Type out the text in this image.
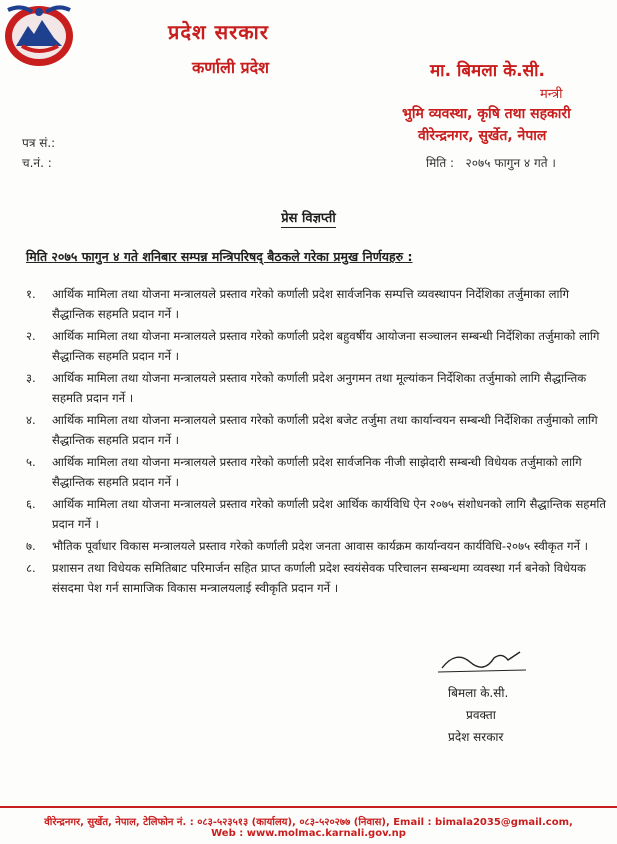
प्रदेश सरकार
कर्णाली प्रदेश	मा. बिमला के.सी.
मन्त्री
भुमि व्यवस्था, कृषि तथा सहकारी
वीरेन्द्रनगर, सुर्खेत, नेपाल
पत्र सं.:
च.नं. :	मिति : २०७५ फागुन ४ गते ।
प्रेस विज्ञप्ती
मिति २०७५ फागुन ४ गते शनिबार सम्पन्न मन्त्रिपरिषद् बैठकले गरेका प्रमुख निर्णयहरु :
१.	आर्थिक मामिला तथा योजना मन्त्रालयले प्रस्ताव गरेको कर्णाली प्रदेश सार्वजनिक सम्पत्ति व्यवस्थापन निर्देशिका तर्जुमाका लागि सैद्धान्तिक सहमति प्रदान गर्ने ।
२.	आर्थिक मामिला तथा योजना मन्त्रालयले प्रस्ताव गरेको कर्णाली प्रदेश बहुवर्षीय आयोजना सञ्चालन सम्बन्धी निर्देशिका तर्जुमाको लागि सैद्धान्तिक सहमति प्रदान गर्ने ।
३.	आर्थिक मामिला तथा योजना मन्त्रालयले प्रस्ताव गरेको कर्णाली प्रदेश अनुगमन तथा मूल्यांकन निर्देशिका तर्जुमाको लागि सैद्धान्तिक सहमति प्रदान गर्ने ।
४.	आर्थिक मामिला तथा योजना मन्त्रालयले प्रस्ताव गरेको कर्णाली प्रदेश बजेट तर्जुमा तथा कार्यान्वयन सम्बन्धी निर्देशिका तर्जुमाको लागि सैद्धान्तिक सहमति प्रदान गर्ने ।
५.	आर्थिक मामिला तथा योजना मन्त्रालयले प्रस्ताव गरेको कर्णाली प्रदेश सार्वजनिक नीजी साझेदारी सम्बन्धी विधेयक तर्जुमाको लागि सैद्धान्तिक सहमति प्रदान गर्ने ।
६.	आर्थिक मामिला तथा योजना मन्त्रालयले प्रस्ताव गरेको कर्णाली प्रदेश आर्थिक कार्यविधि ऐन २०७५ संशोधनको लागि सैद्धान्तिक सहमति प्रदान गर्ने ।
७.	भौतिक पूर्वाधार विकास मन्त्रालयले प्रस्ताव गरेको कर्णाली प्रदेश जनता आवास कार्यक्रम कार्यान्वयन कार्यविधि-२०७५ स्वीकृत गर्ने ।
८.	प्रशासन तथा विधेयक समितिबाट परिमार्जन सहित प्राप्त कर्णाली प्रदेश स्वयंसेवक परिचालन सम्बन्धमा व्यवस्था गर्न बनेको विधेयक संसदमा पेश गर्न सामाजिक विकास मन्त्रालयलाई स्वीकृति प्रदान गर्ने ।
बिमला के.सी.
प्रवक्ता
प्रदेश सरकार
वीरेन्द्रनगर, सुर्खेत, नेपाल, टेलिफोन नं. : ०८३-५२३५१३ (कार्यालय), ०८३-५२०२७७ (निवास), Email : bimala2035@gmail.com,
Web : www.molmac.karnali.gov.np
